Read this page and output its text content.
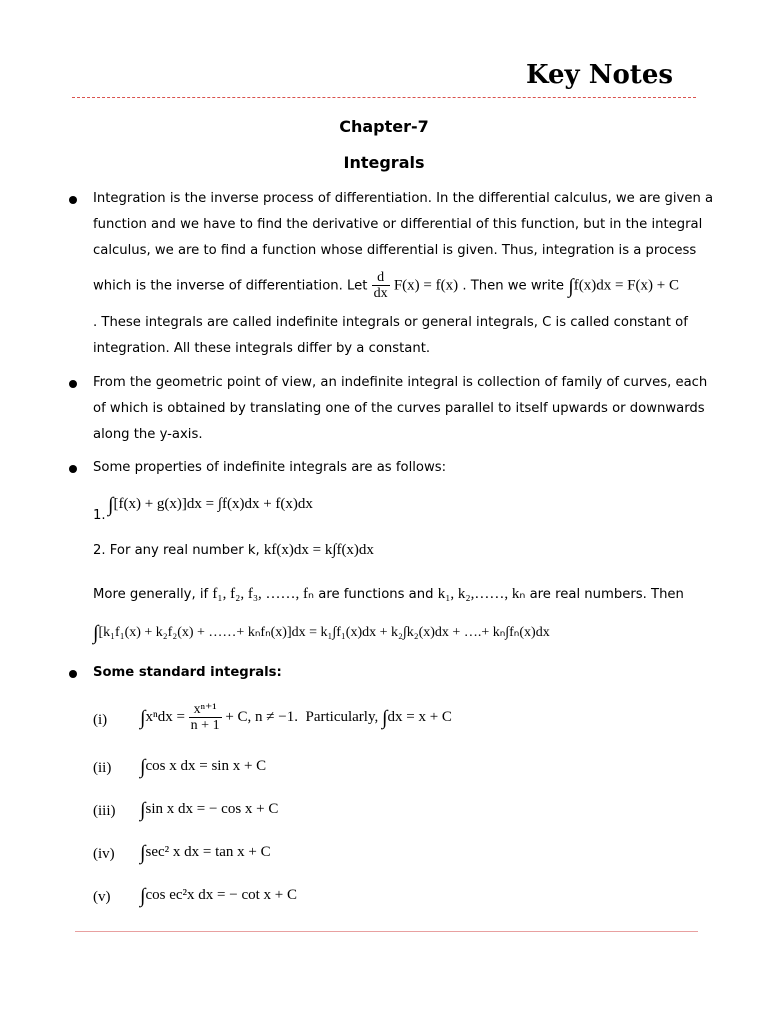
Key Notes
Chapter-7
Integrals
Integration is the inverse process of differentiation. In the differential calculus, we are given a
function and we have to find the derivative or differential of this function, but in the integral
calculus, we are to find a function whose differential is given. Thus, integration is a process
which is the inverse of differentiation. Let $\frac{d}{dx} F(x) = f(x)$ . Then we write ∫f(x)dx = F(x) + C
. These integrals are called indefinite integrals or general integrals, C is called constant of
integration. All these integrals differ by a constant.
From the geometric point of view, an indefinite integral is collection of family of curves, each
of which is obtained by translating one of the curves parallel to itself upwards or downwards
along the y-axis.
Some properties of indefinite integrals are as follows:
1. ∫[f(x) + g(x)]dx = ∫f(x)dx + f(x)dx
2. For any real number k, kf(x)dx = k∫f(x)dx
More generally, if f₁, f₂, f₃, ……, fₙ are functions and k₁, k₂,……, kₙ are real numbers. Then
∫[k₁f₁(x) + k₂f₂(x) + ……+ kₙfₙ(x)]dx = k₁∫f₁(x)dx + k₂∫k₂(x)dx + ….+ kₙ∫fₙ(x)dx
Some standard integrals:
(i) $\int x^ndx = \frac{\text{xⁿ⁺¹}}{n + 1} + C$, n ≠ −1. Particularly, ∫dx = x + C
(ii) ∫cos x dx = sin x + C
(iii) ∫sin x dx = − cos x + C
(iv) ∫sec² x dx = tan x + C
(v) ∫cos ec²x dx = − cot x + C
